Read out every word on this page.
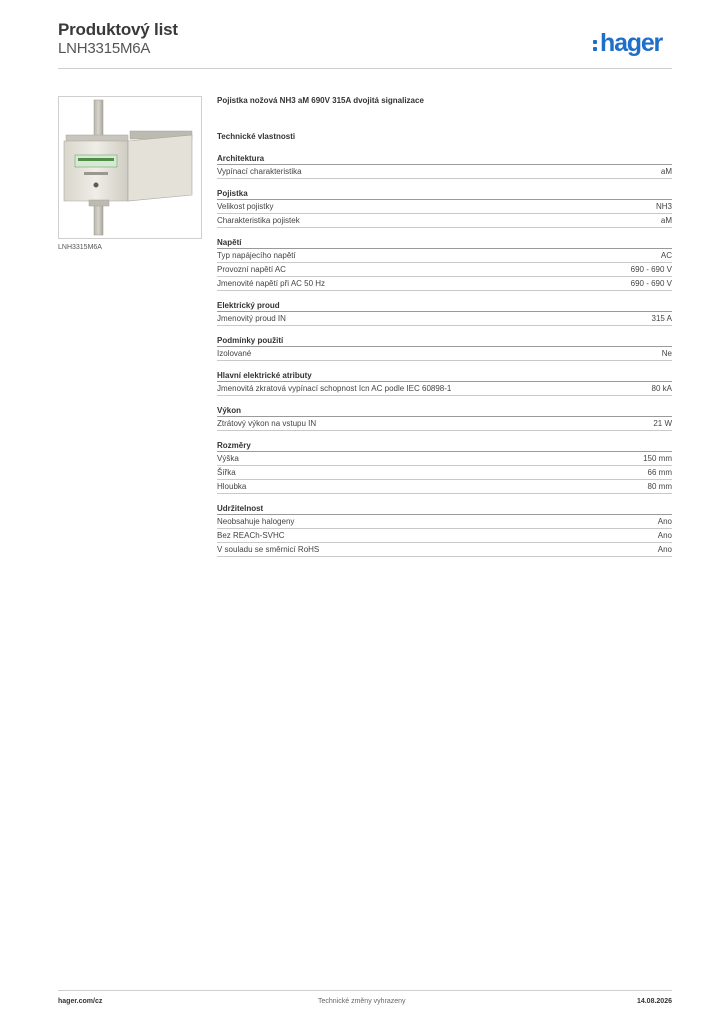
Produktový list
LNH3315M6A	hager
LNH3315M6A
Pojistka nožová NH3 aM 690V 315A dvojitá signalizace
Technické vlastnosti
Architektura
Vypínací charakteristika	aM
Pojistka
Velikost pojistky	NH3
Charakteristika pojistek	aM
Napětí
Typ napájecího napětí	AC
Provozní napětí AC	690 - 690 V
Jmenovité napětí při AC 50 Hz	690 - 690 V
Elektrický proud
Jmenovitý proud IN	315 A
Podmínky použití
Izolované	Ne
Hlavní elektrické atributy
Jmenovitá zkratová vypínací schopnost Icn AC podle IEC 60898-1	80 kA
Výkon
Ztrátový výkon na vstupu IN	21 W
Rozměry
Výška	150 mm
Šířka	66 mm
Hloubka	80 mm
Udržitelnost
Neobsahuje halogeny	Ano
Bez REACh-SVHC	Ano
V souladu se směrnicí RoHS	Ano
hager.com/cz	Technické změny vyhrazeny	14.08.2026
